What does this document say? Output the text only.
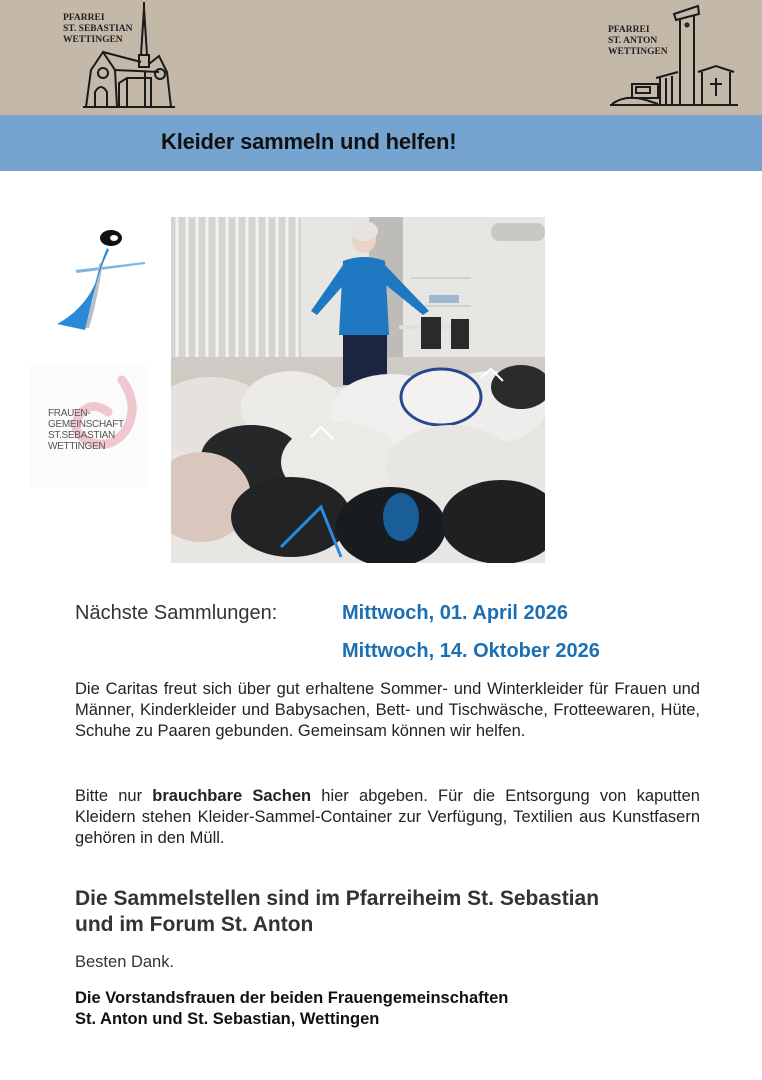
PFARREI
ST. SEBASTIAN
WETTINGEN
PFARREI
ST. ANTON
WETTINGEN
Kleider sammeln und helfen!
FRAUEN-
GEMEINSCHAFT
ST.SEBASTIAN
WETTINGEN
Nächste Sammlungen:	Mittwoch, 01. April 2026
Mittwoch, 14. Oktober 2026

Die Caritas freut sich über gut erhaltene Sommer- und Winterkleider für Frauen und Männer, Kinderkleider und Babysachen, Bett- und Tischwäsche, Frotteewaren, Hüte, Schuhe zu Paaren gebunden. Gemeinsam können wir helfen.

Bitte nur brauchbare Sachen hier abgeben. Für die Entsorgung von kaputten Kleidern stehen Kleider-Sammel-Container zur Verfügung, Textilien aus Kunstfasern gehören in den Müll.

Die Sammelstellen sind im Pfarreiheim St. Sebastian
und im Forum St. Anton
Besten Dank.
Die Vorstandsfrauen der beiden Frauengemeinschaften
St. Anton und St. Sebastian, Wettingen
